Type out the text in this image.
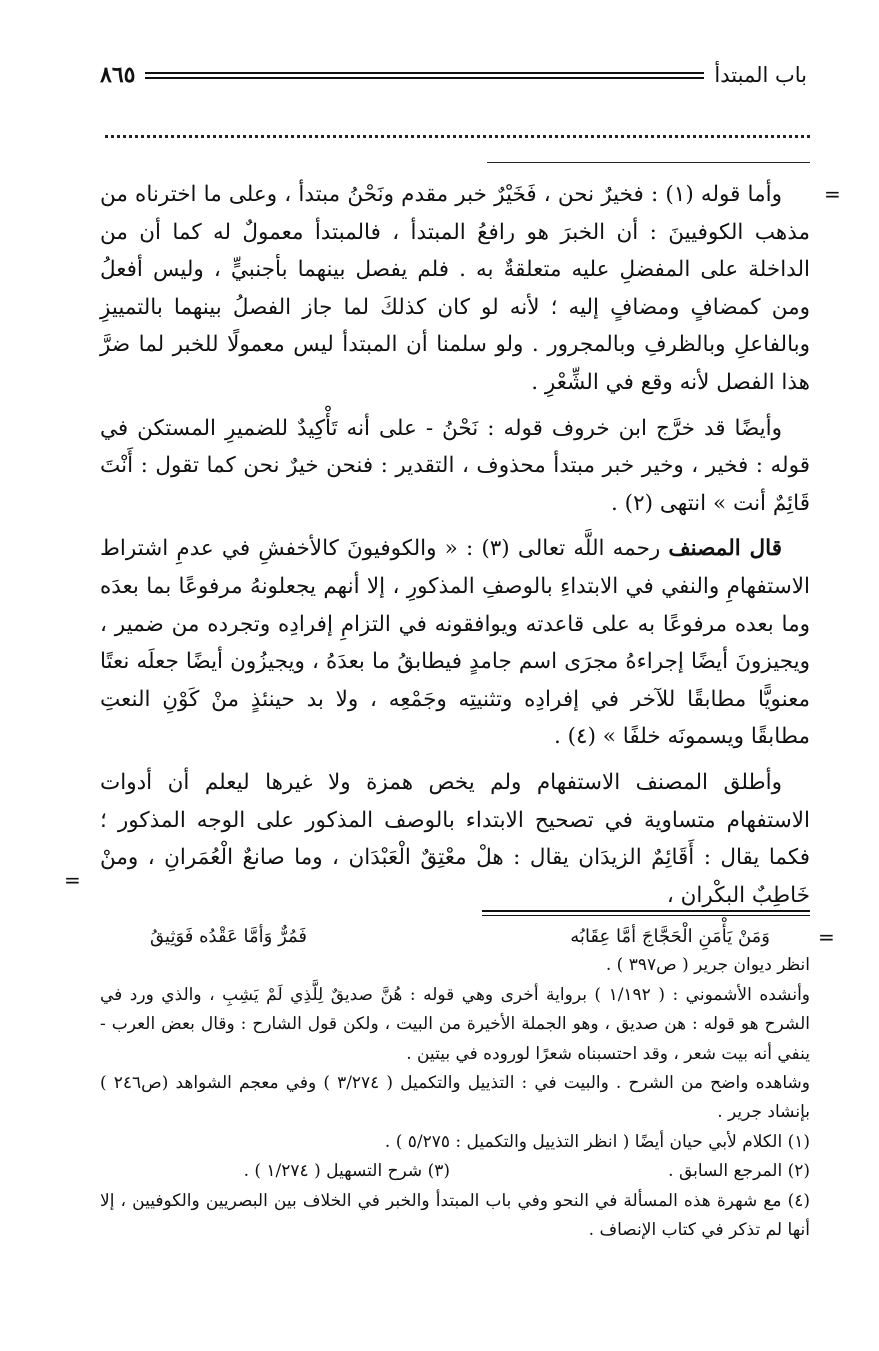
باب المبتدأ
٨٦٥
=
=
=

وأما قوله (١) : فخيرٌ نحن ، فَخَيْرٌ خبر مقدم ونَحْنُ مبتدأ ، وعلى ما اخترناه من مذهب الكوفيينَ : أن الخبرَ هو رافعُ المبتدأ ، فالمبتدأ معمولٌ له كما أن من الداخلة على المفضلِ عليه متعلقةٌ به . فلم يفصل بينهما بأجنبيٍّ ، وليس أفعلُ ومن كمضافٍ ومضافٍ إليه ؛ لأنه لو كان كذلكَ لما جاز الفصلُ بينهما بالتمييزِ وبالفاعلِ وبالظرفِ وبالمجرور . ولو سلمنا أن المبتدأ ليس معمولًا للخبر لما ضرَّ هذا الفصل لأنه وقع في الشِّعْرِ .

وأيضًا قد خرَّج ابن خروف قوله : نَحْنُ - على أنه تَأْكِيدٌ للضميرِ المستكن في قوله : فخير ، وخير خبر مبتدأ محذوف ، التقدير : فنحن خيرٌ نحن كما تقول : أَنْتَ قَائِمٌ أنت » انتهى (٢) .

قال المصنف رحمه اللَّه تعالى (٣) : « والكوفيونَ كالأخفشِ في عدمِ اشتراط الاستفهامِ والنفي في الابتداءِ بالوصفِ المذكورِ ، إلا أنهم يجعلونهُ مرفوعًا بما بعدَه وما بعده مرفوعًا به على قاعدته ويوافقونه في التزامِ إفرادِه وتجرده من ضمير ، ويجيزونَ أيضًا إجراءهُ مجرَى اسم جامدٍ فيطابقُ ما بعدَهُ ، ويجيزُون أيضًا جعلَه نعتًا معنويًّا مطابقًا للآخر في إفرادِه وتثنيتِه وجَمْعِه ، ولا بد حينئذٍ منْ كَوْنِ النعتِ مطابقًا ويسمونَه خلفًا » (٤) .

وأطلق المصنف الاستفهام ولم يخص همزة ولا غيرها ليعلم أن أدوات الاستفهام متساوية في تصحيح الابتداء بالوصف المذكور على الوجه المذكور ؛ فكما يقال : أَقَائِمٌ الزيدَان يقال : هلْ معْتِقٌ الْعَبْدَان ، وما صانعٌ الْعُمَرانِ ، ومنْ خَاطِبٌ البكْران ،

وَمَنْ يَأْمَنِ الْحَجَّاجَ أمَّا عِقَابُه
فَمُرٌّ وَأمَّا عَقْدُه فَوَثِيقُ

انظر ديوان جرير ( ص٣٩٧ ) .

وأنشده الأشموني : ( ١/١٩٢ ) برواية أخرى وهي قوله : هُنَّ صديقٌ لِلَّذِي لَمْ يَشِبِ ، والذي ورد في الشرح هو قوله : هن صديق ، وهو الجملة الأخيرة من البيت ، ولكن قول الشارح : وقال بعض العرب - ينفي أنه بيت شعر ، وقد احتسبناه شعرًا لوروده في بيتين .

وشاهده واضح من الشرح . والبيت في : التذييل والتكميل ( ٣/٢٧٤ ) وفي معجم الشواهد (ص٢٤٦ ) بإنشاد جرير .

(١) الكلام لأبي حيان أيضًا ( انظر التذييل والتكميل : ٥/٢٧٥ ) .

(٢) المرجع السابق .
(٣) شرح التسهيل ( ١/٢٧٤ ) .

(٤) مع شهرة هذه المسألة في النحو وفي باب المبتدأ والخبر في الخلاف بين البصريين والكوفيين ، إلا أنها لم تذكر في كتاب الإنصاف .
